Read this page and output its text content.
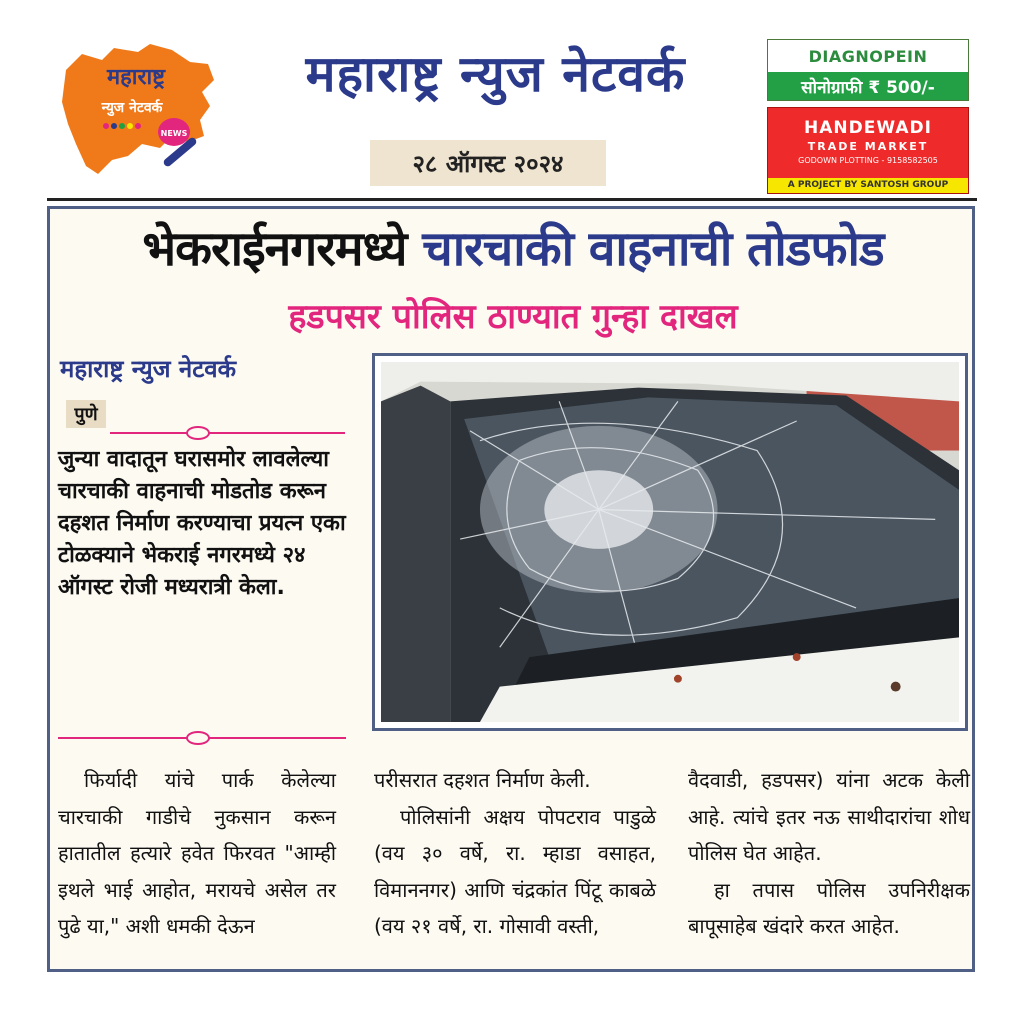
महाराष्ट्र
न्युज नेटवर्क
NEWS
महाराष्ट्र न्युज नेटवर्क
२८ ऑगस्ट २०२४
DIAGNOPEIN
सोनोग्राफी ₹ 500/-
HANDEWADI
TRADE MARKET
GODOWN PLOTTING - 9158582505
A PROJECT BY SANTOSH GROUP
भेकराईनगरमध्ये चारचाकी वाहनाची तोडफोड
हडपसर पोलिस ठाण्यात गुन्हा दाखल
महाराष्ट्र न्युज नेटवर्क
पुणे
जुन्या वादातून घरासमोर लावलेल्या चारचाकी वाहनाची मोडतोड करून दहशत निर्माण करण्याचा प्रयत्न एका टोळक्याने भेकराई नगरमध्ये २४ ऑगस्ट रोजी मध्यरात्री केला.

फिर्यादी यांचे पार्क केलेल्या चारचाकी गाडीचे नुकसान करून हातातील हत्यारे हवेत फिरवत "आम्ही इथले भाई आहोत, मरायचे असेल तर पुढे या," अशी धमकी देऊन

परीसरात दहशत निर्माण केली.

पोलिसांनी अक्षय पोपटराव पाडुळे (वय ३० वर्षे, रा. म्हाडा वसाहत, विमाननगर) आणि चंद्रकांत पिंटू काबळे (वय २१ वर्षे, रा. गोसावी वस्ती,

वैदवाडी, हडपसर) यांना अटक केली आहे. त्यांचे इतर नऊ साथीदारांचा शोध पोलिस घेत आहेत.

हा तपास पोलिस उपनिरीक्षक बापूसाहेब खंदारे करत आहेत.
